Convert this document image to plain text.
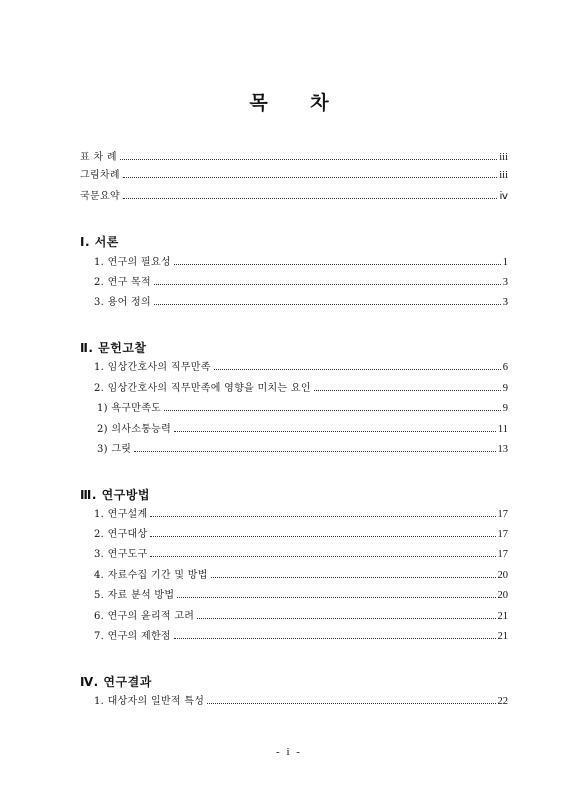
목 차
표 차 례	iii
그림차례	iii
국문요약	ⅳ
Ⅰ. 서론
1. 연구의 필요성	1
2. 연구 목적	3
3. 용어 정의	3
Ⅱ. 문헌고찰
1. 임상간호사의 직무만족	6
2. 임상간호사의 직무만족에 영향을 미치는 요인	9
1) 욕구만족도	9
2) 의사소통능력	11
3) 그릿	13
Ⅲ. 연구방법
1. 연구설계	17
2. 연구대상	17
3. 연구도구	17
4. 자료수집 기간 및 방법	20
5. 자료 분석 방법	20
6. 연구의 윤리적 고려	21
7. 연구의 제한점	21
Ⅳ. 연구결과
1. 대상자의 일반적 특성	22
- i -
